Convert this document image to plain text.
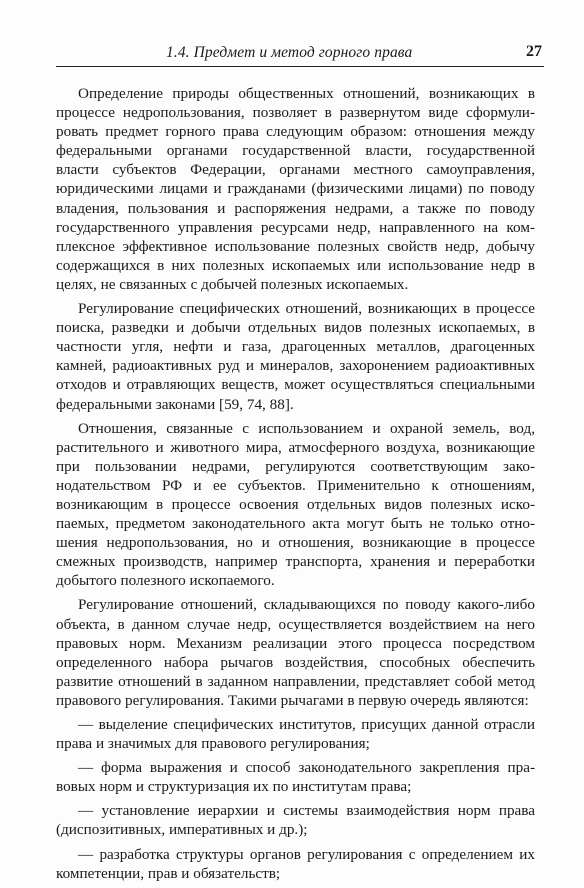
1.4. Предмет и метод горного права	27

Определение природы общественных отношений, возникающих в процессе недропользования, позволяет в развернутом виде сформулировать предмет горного права следующим образом: отношения между федеральными органами государственной власти, государственной власти субъектов Федерации, органами местного самоуправления, юридическими лицами и гражданами (физическими лицами) по поводу владения, пользования и распоряжения недрами, а также по поводу государственного управления ресурсами недр, направленного на комплексное эффективное использование полезных свойств недр, добычу содержащихся в них полезных ископаемых или использование недр в целях, не связанных с добычей полезных ископаемых.

Регулирование специфических отношений, возникающих в процессе поиска, разведки и добычи отдельных видов полезных ископаемых, в частности угля, нефти и газа, драгоценных металлов, драгоценных камней, радиоактивных руд и минералов, захоронением радиоактивных отходов и отравляющих веществ, может осуществляться специальными федеральными законами [59, 74, 88].

Отношения, связанные с использованием и охраной земель, вод, растительного и животного мира, атмосферного воздуха, возникающие при пользовании недрами, регулируются соответствующим законодательством РФ и ее субъектов. Применительно к отношениям, возникающим в процессе освоения отдельных видов полезных ископаемых, предметом законодательного акта могут быть не только отношения недропользования, но и отношения, возникающие в процессе смежных производств, например транспорта, хранения и переработки добытого полезного ископаемого.

Регулирование отношений, складывающихся по поводу какого-либо объекта, в данном случае недр, осуществляется воздействием на него правовых норм. Механизм реализации этого процесса посредством определенного набора рычагов воздействия, способных обеспечить развитие отношений в заданном направлении, представляет собой метод правового регулирования. Такими рычагами в первую очередь являются:

— выделение специфических институтов, присущих данной отрасли права и значимых для правового регулирования;

— форма выражения и способ законодательного закрепления правовых норм и структуризация их по институтам права;

— установление иерархии и системы взаимодействия норм права (диспозитивных, императивных и др.);

— разработка структуры органов регулирования с определением их компетенции, прав и обязательств;
